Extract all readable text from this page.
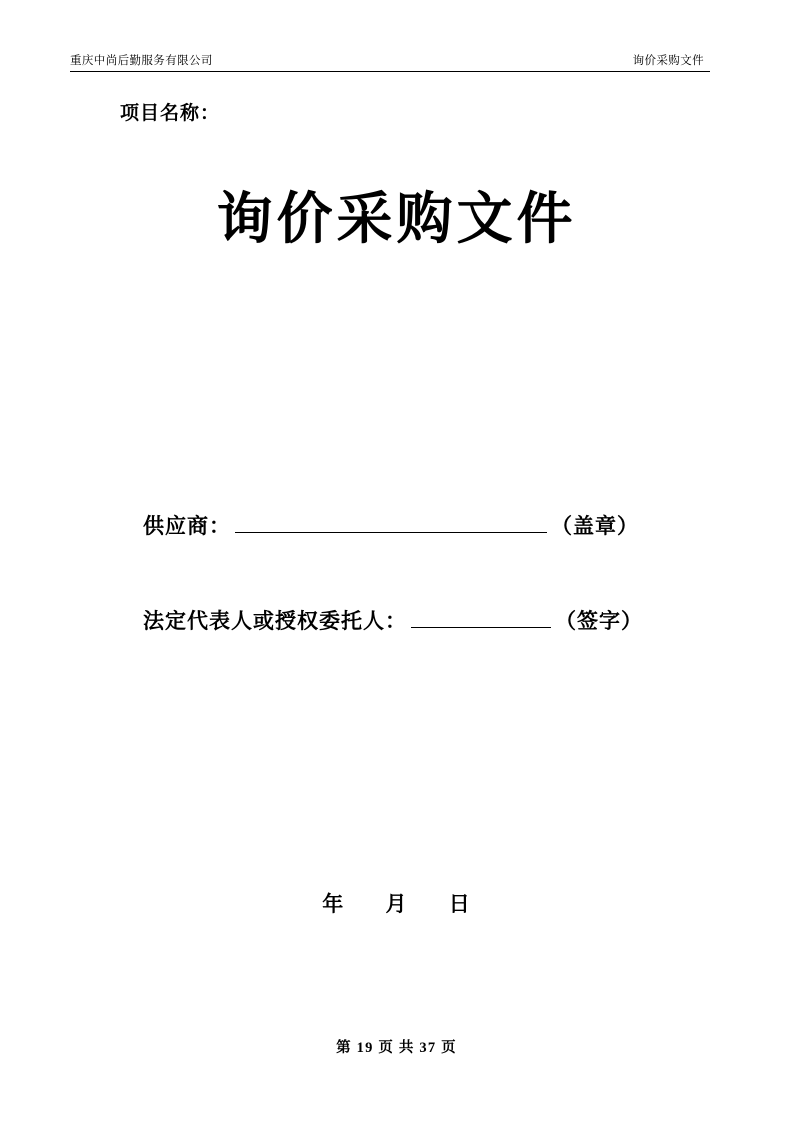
重庆中尚后勤服务有限公司	询价采购文件
项目名称：
询价采购文件
供应商：	（盖章）
法定代表人或授权委托人：	（签字）
年 月 日
第 19 页 共 37 页
